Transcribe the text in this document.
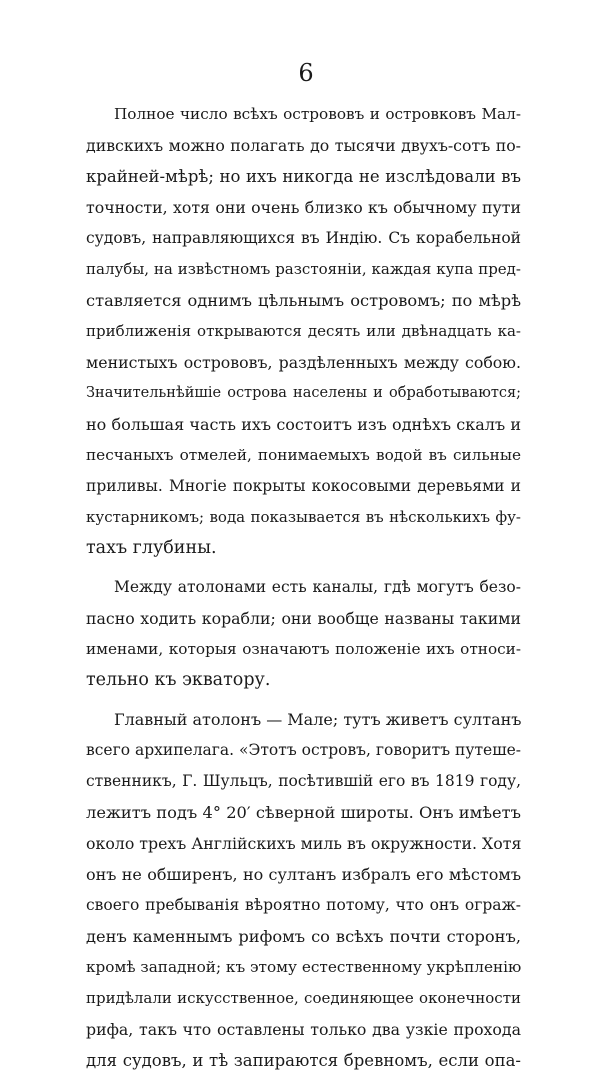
6
Полное число всѣхъ острововъ и островковъ Мал-
дивскихъ можно полагать до тысячи двухъ-сотъ по-
крайней-мѣрѣ; но ихъ никогда не изслѣдовали въ
точности, хотя они очень близко къ обычному пути
судовъ, направляющихся въ Индію. Съ корабельной
палубы, на извѣстномъ разстояніи, каждая купа пред-
ставляется однимъ цѣльнымъ островомъ; по мѣрѣ
приближенія открываются десять или двѣнадцать ка-
менистыхъ острововъ, раздѣленныхъ между собою.
Значительнѣйшіе острова населены и обработываются;
но большая часть ихъ состоитъ изъ однѣхъ скалъ и
песчаныхъ отмелей, понимаемыхъ водой въ сильные
приливы. Многіе покрыты кокосовыми деревьями и
кустарникомъ; вода показывается въ нѣсколькихъ фу-
тахъ глубины.
Между атолонами есть каналы, гдѣ могутъ безо-
пасно ходить корабли; они вообще названы такими
именами, которыя означаютъ положеніе ихъ относи-
тельно къ экватору.
Главный атолонъ — Мале; тутъ живетъ султанъ
всего архипелага. «Этотъ островъ, говоритъ путеше-
ственникъ, Г. Шульцъ, посѣтившій его въ 1819 году,
лежитъ подъ 4° 20′ сѣверной широты. Онъ имѣетъ
около трехъ Англійскихъ миль въ окружности. Хотя
онъ не обширенъ, но султанъ избралъ его мѣстомъ
своего пребыванія вѣроятно потому, что онъ ограж-
денъ каменнымъ рифомъ со всѣхъ почти сторонъ,
кромѣ западной; къ этому естественному укрѣпленію
придѣлали искусственное, соединяющее оконечности
рифа, такъ что оставлены только два узкіе прохода
для судовъ, и тѣ запираются бревномъ, если опа-
